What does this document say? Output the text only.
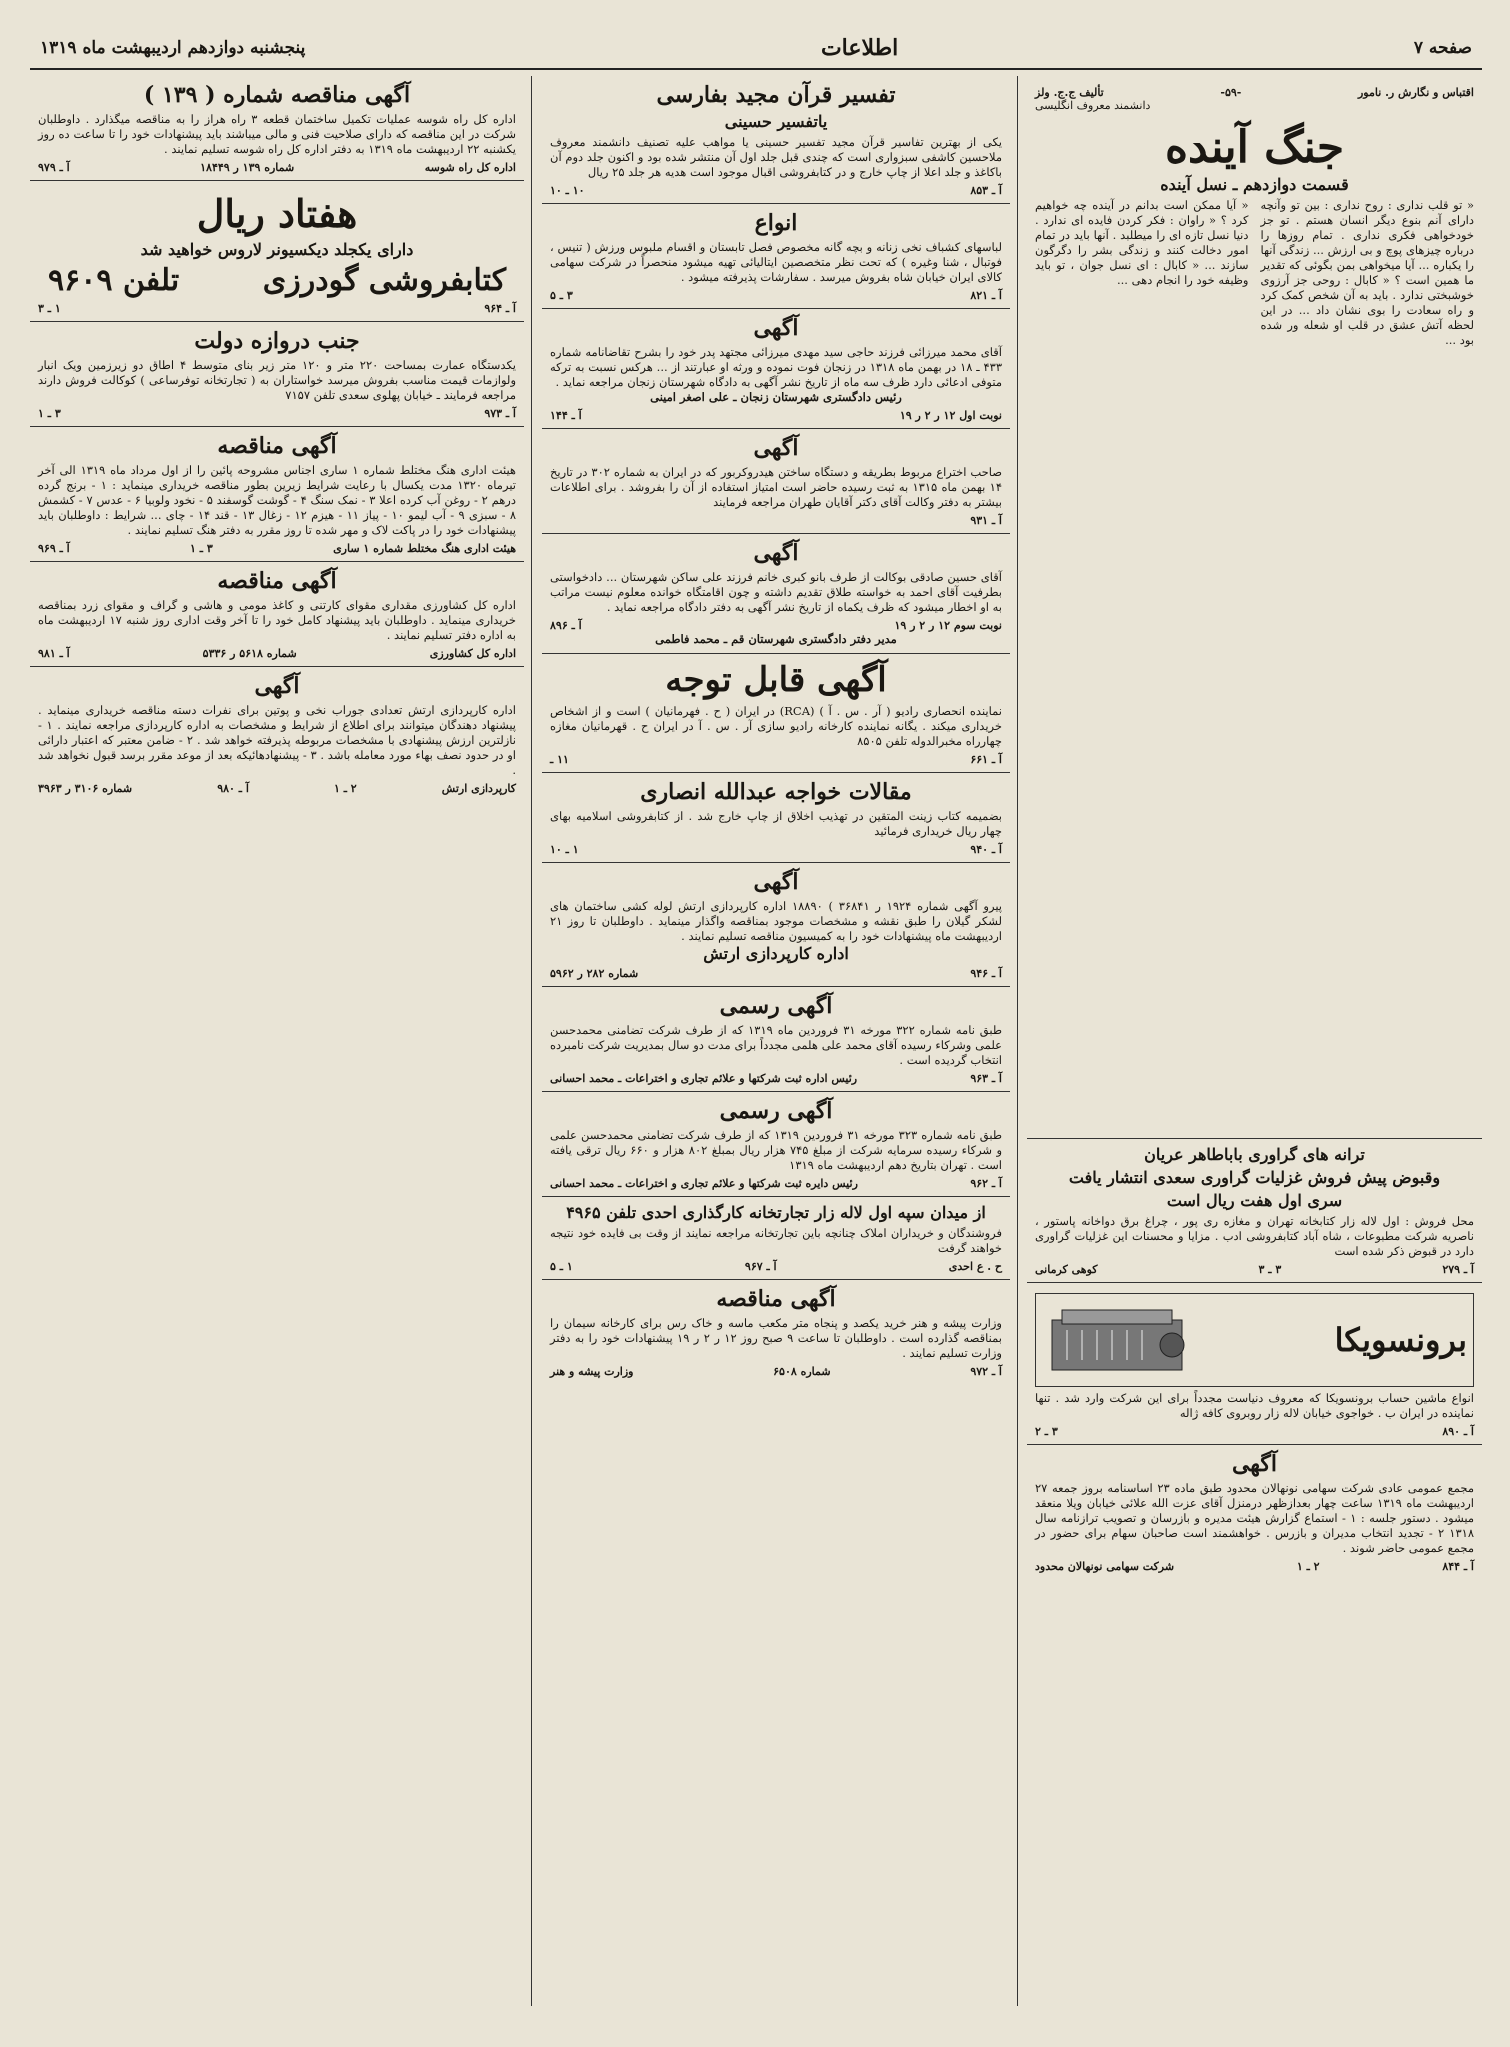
صفحه ۷
اطلاعات
پنجشنبه دوازدهم اردیبهشت ماه ۱۳۱۹
اقتباس و نگارش ر. نامور
-۵۹-
تألیف ج.ج. ولز
دانشمند معروف انگلیسی
جنگ آینده
قسمت دوازدهم ـ نسل آینده

« تو قلب نداری : روح نداری : بین تو وآنچه دارای آنم بنوع دیگر انسان هستم . تو جز خودخواهی فکری نداری . تمام روزها را درباره چیزهای پوچ و بی ارزش ... زندگی آنها را یکباره ... آیا میخواهی بمن بگوئی که تقدیر ما همین است ؟ « کابال : روحی جز آرزوی خوشبختی ندارد . باید به آن شخص کمک کرد و راه سعادت را بوی نشان داد ... در این لحظه آتش عشق در قلب او شعله ور شده بود ...

« آیا ممکن است بدانم در آینده چه خواهیم کرد ؟ « راوان : فکر کردن فایده ای ندارد . دنیا نسل تازه ای را میطلبد . آنها باید در تمام امور دخالت کنند و زندگی بشر را دگرگون سازند ... « کابال : ای نسل جوان ، تو باید وظیفه خود را انجام دهی ...

ترانه های گراوری باباطاهر عریان
وقبوض پیش فروش غزلیات گراوری سعدی انتشار یافت
سری اول هفت ریال است

محل فروش : اول لاله زار کتابخانه تهران و مغازه ری پور ، چراغ برق دواخانه پاستور ، ناصریه شرکت مطبوعات ، شاه آباد کتابفروشی ادب . مزایا و محسنات این غزلیات گراوری دارد در قبوض ذکر شده است

آ ـ ۲۷۹
۳ ـ ۳
کوهی کرمانی
برونسویکا

انواع ماشین حساب برونسویکا که معروف دنیاست مجدداً برای این شرکت وارد شد . تنها نماینده در ایران ب . خواجوی خیابان لاله زار روبروی کافه ژاله

آ ـ ۸۹۰
۳ ـ ۲
آگهی

مجمع عمومی عادی شرکت سهامی نونهالان محدود طبق ماده ۲۳ اساسنامه بروز جمعه ۲۷ اردیبهشت ماه ۱۳۱۹ ساعت چهار بعدازظهر درمنزل آقای عزت الله علائی خیابان ویلا منعقد میشود . دستور جلسه : ۱ - استماع گزارش هیئت مدیره و بازرسان و تصویب ترازنامه سال ۱۳۱۸ ۲ - تجدید انتخاب مدیران و بازرس . خواهشمند است صاحبان سهام برای حضور در مجمع عمومی حاضر شوند .

آ ـ ۸۴۴
۲ ـ ۱
شرکت سهامی نونهالان محدود
تفسیر قرآن مجید بفارسی
یاتفسیر حسینی

یکی از بهترین تفاسیر قرآن مجید تفسیر حسینی یا مواهب علیه تصنیف دانشمند معروف ملاحسین کاشفی سبزواری است که چندی قبل جلد اول آن منتشر شده بود و اکنون جلد دوم آن باکاغذ و جلد اعلا از چاپ خارج و در کتابفروشی اقبال موجود است هدیه هر جلد ۲۵ ریال

آ ـ ۸۵۳
۱۰ ـ ۱۰
انواع

لباسهای کشباف نخی زنانه و بچه گانه مخصوص فصل تابستان و اقسام ملبوس ورزش ( تنیس ، فوتبال ، شنا وغیره ) که تحت نظر متخصصین ایتالیائی تهیه میشود منحصراً در شرکت سهامی کالای ایران خیابان شاه بفروش میرسد . سفارشات پذیرفته میشود .

آ ـ ۸۲۱
۳ ـ ۵
آگهی

آقای محمد میرزائی فرزند حاجی سید مهدی میرزائی مجتهد پدر خود را بشرح تقاضانامه شماره ۴۳۳ ـ ۱۸ در بهمن ماه ۱۳۱۸ در زنجان فوت نموده و ورثه او عبارتند از ... هرکس نسبت به ترکه متوفی ادعائی دارد ظرف سه ماه از تاریخ نشر آگهی به دادگاه شهرستان زنجان مراجعه نماید .

رئیس دادگستری شهرستان زنجان ـ علی اصغر امینی

نوبت اول ۱۲ ر ۲ ر ۱۹
آ ـ ۱۴۴
آگهی

صاحب اختراع مربوط بطریقه و دستگاه ساختن هیدروکربور که در ایران به شماره ۳۰۲ در تاریخ ۱۴ بهمن ماه ۱۳۱۵ به ثبت رسیده حاضر است امتیاز استفاده از آن را بفروشد . برای اطلاعات بیشتر به دفتر وکالت آقای دکتر آقایان طهران مراجعه فرمایند

آ ـ ۹۳۱
آگهی

آقای حسین صادقی بوکالت از طرف بانو کبری خانم فرزند علی ساکن شهرستان ... دادخواستی بطرفیت آقای احمد به خواسته طلاق تقدیم داشته و چون اقامتگاه خوانده معلوم نیست مراتب به او اخطار میشود که ظرف یکماه از تاریخ نشر آگهی به دفتر دادگاه مراجعه نماید .

نوبت سوم ۱۲ ر ۲ ر ۱۹
آ ـ ۸۹۶

مدیر دفتر دادگستری شهرستان قم ـ محمد فاطمی

آگهی قابل توجه

نماینده انحصاری رادیو ( آر . س . آ ) (RCA) در ایران ( ح . فهرمانیان ) است و از اشخاص خریداری میکند . یگانه نماینده کارخانه رادیو سازی آر . س . آ در ایران ح . قهرمانیان مغازه چهارراه مخبرالدوله تلفن ۸۵۰۵

آ ـ ۶۶۱
۱۱ ـ
مقالات خواجه عبدالله انصاری

بضمیمه کتاب زینت المتقین در تهذیب اخلاق از چاپ خارج شد . از کتابفروشی اسلامیه بهای چهار ریال خریداری فرمائید

آ ـ ۹۴۰
۱ ـ ۱۰
آگهی

پیرو آگهی شماره ۱۹۲۴ ر ۳۶۸۴۱ ) ۱۸۸۹۰ اداره کارپردازی ارتش لوله کشی ساختمان های لشکر گیلان را طبق نقشه و مشخصات موجود بمناقصه واگذار مینماید . داوطلبان تا روز ۲۱ اردیبهشت ماه پیشنهادات خود را به کمیسیون مناقصه تسلیم نمایند .

اداره کارپردازی ارتش
آ ـ ۹۴۶
شماره ۲۸۲ ر ۵۹۶۲
آگهی رسمی

طبق نامه شماره ۳۲۲ مورخه ۳۱ فروردین ماه ۱۳۱۹ که از طرف شرکت تضامنی محمدحسن علمی وشرکاء رسیده آقای محمد علی هلمی مجدداً برای مدت دو سال بمدیریت شرکت نامبرده انتخاب گردیده است .

آ ـ ۹۶۳
رئیس اداره ثبت شرکتها و علائم تجاری و اختراعات ـ محمد احسانی
آگهی رسمی

طبق نامه شماره ۳۲۳ مورخه ۳۱ فروردین ۱۳۱۹ که از طرف شرکت تضامنی محمدحسن علمی و شرکاء رسیده سرمایه شرکت از مبلغ ۷۴۵ هزار ریال بمبلغ ۸۰۲ هزار و ۶۶۰ ریال ترقی یافته است . تهران بتاریخ دهم اردیبهشت ماه ۱۳۱۹

آ ـ ۹۶۲
رئیس دایره ثبت شرکتها و علائم تجاری و اختراعات ـ محمد احسانی
از میدان سپه اول لاله زار تجارتخانه کارگذاری احدی تلفن ۴۹۶۵

فروشندگان و خریداران املاک چنانچه باین تجارتخانه مراجعه نمایند از وقت بی فایده خود نتیجه خواهند گرفت

ح . ع احدی
آ ـ ۹۶۷
۱ ـ ۵
آگهی مناقصه

وزارت پیشه و هنر خرید یکصد و پنجاه متر مکعب ماسه و خاک رس برای کارخانه سیمان را بمناقصه گذارده است . داوطلبان تا ساعت ۹ صبح روز ۱۲ ر ۲ ر ۱۹ پیشنهادات خود را به دفتر وزارت تسلیم نمایند .

آ ـ ۹۷۲
شماره ۶۵۰۸
وزارت پیشه و هنر
آگهی مناقصه شماره ( ۱۳۹ )

اداره کل راه شوسه عملیات تکمیل ساختمان قطعه ۳ راه هراز را به مناقصه میگذارد . داوطلبان شرکت در این مناقصه که دارای صلاحیت فنی و مالی میباشند باید پیشنهادات خود را تا ساعت ده روز یکشنبه ۲۲ اردیبهشت ماه ۱۳۱۹ به دفتر اداره کل راه شوسه تسلیم نمایند .

اداره کل راه شوسه
شماره ۱۳۹ ر ۱۸۴۴۹
آ ـ ۹۷۹
هفتاد ریال
دارای یکجلد دیکسیونر لاروس خواهید شد
کتابفروشی گودرزی
تلفن ۹۶۰۹
آ ـ ۹۶۴
۱ ـ ۳
جنب دروازه دولت

یکدستگاه عمارت بمساحت ۲۲۰ متر و ۱۲۰ متر زیر بنای متوسط ۴ اطاق دو زیرزمین ویک انبار ولوازمات قیمت مناسب بفروش میرسد خواستاران به ( تجارتخانه توفرساعی ) کوکالت فروش دارند مراجعه فرمایند ـ خیابان پهلوی سعدی تلفن ۷۱۵۷

آ ـ ۹۷۳
۳ ـ ۱
آگهی مناقصه

هیئت اداری هنگ مختلط شماره ۱ ساری اجناس مشروحه پائین را از اول مرداد ماه ۱۳۱۹ الی آخر تیرماه ۱۳۲۰ مدت یکسال با رعایت شرایط زیرین بطور مناقصه خریداری مینماید : ۱ - برنج گرده درهم ۲ - روغن آب کرده اعلا ۳ - نمک سنگ ۴ - گوشت گوسفند ۵ - نخود ولوبیا ۶ - عدس ۷ - کشمش ۸ - سبزی ۹ - آب لیمو ۱۰ - پیاز ۱۱ - هیزم ۱۲ - زغال ۱۳ - قند ۱۴ - چای ... شرایط : داوطلبان باید پیشنهادات خود را در پاکت لاک و مهر شده تا روز مقرر به دفتر هنگ تسلیم نمایند .

هیئت اداری هنگ مختلط شماره ۱ ساری
۳ ـ ۱
آ ـ ۹۶۹
آگهی مناقصه

اداره کل کشاورزی مقداری مقوای کارتنی و کاغذ مومی و هاشی و گراف و مقوای زرد بمناقصه خریداری مینماید . داوطلبان باید پیشنهاد کامل خود را تا آخر وقت اداری روز شنبه ۱۷ اردیبهشت ماه به اداره دفتر تسلیم نمایند .

اداره کل کشاورزی
شماره ۵۶۱۸ ر ۵۳۳۶
آ ـ ۹۸۱
آگهی

اداره کارپردازی ارتش تعدادی جوراب نخی و پوتین برای نفرات دسته مناقصه خریداری مینماید . پیشنهاد دهندگان میتوانند برای اطلاع از شرایط و مشخصات به اداره کارپردازی مراجعه نمایند . ۱ - نازلترین ارزش پیشنهادی با مشخصات مربوطه پذیرفته خواهد شد . ۲ - ضامن معتبر که اعتبار دارائی او در حدود نصف بهاء مورد معامله باشد . ۳ - پیشنهادهائیکه بعد از موعد مقرر برسد قبول نخواهد شد .

کارپردازی ارتش
۲ ـ ۱
آ ـ ۹۸۰
شماره ۳۱۰۶ ر ۳۹۶۳
